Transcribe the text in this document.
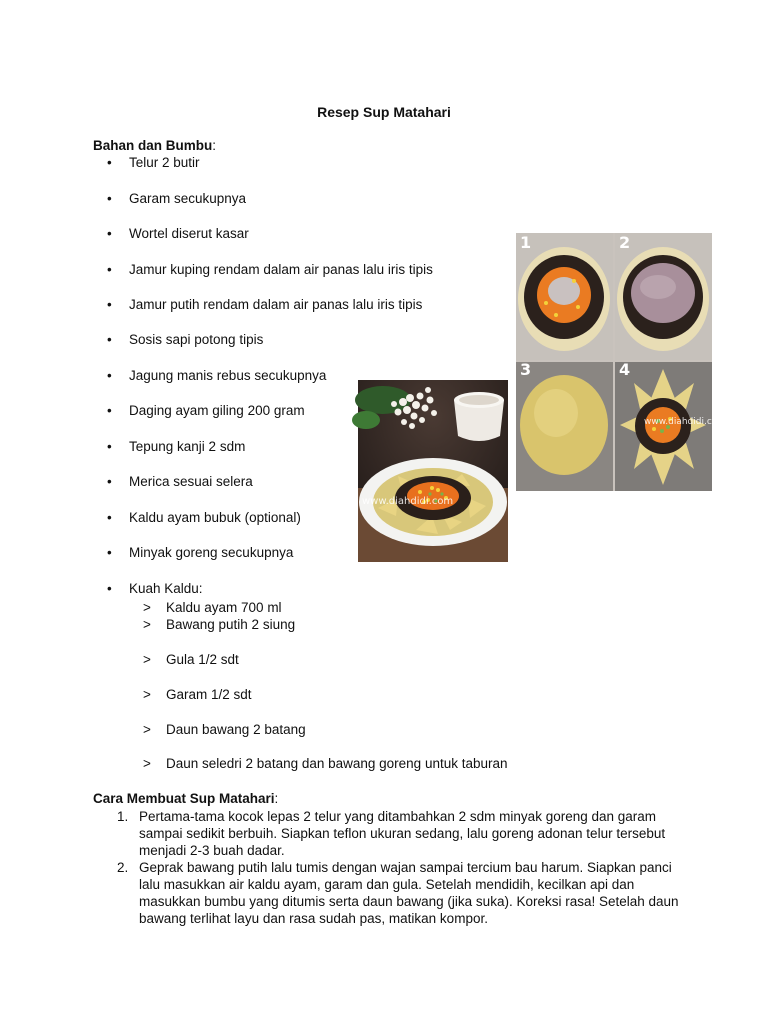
Resep Sup Matahari

Bahan dan Bumbu:

•	Telur 2 butir
•	Garam secukupnya
•	Wortel diserut kasar
•	Jamur kuping rendam dalam air panas lalu iris tipis
•	Jamur putih rendam dalam air panas lalu iris tipis
•	Sosis sapi potong tipis
•	Jagung manis rebus secukupnya
•	Daging ayam giling 200 gram
•	Tepung kanji 2 sdm
•	Merica sesuai selera
•	Kaldu ayam bubuk (optional)
•	Minyak goreng secukupnya
•	Kuah Kaldu:
> Kaldu ayam 700 ml
> Bawang putih 2 siung
> Gula 1/2 sdt
> Garam 1/2 sdt
> Daun bawang 2 batang
> Daun seledri 2 batang dan bawang goreng untuk taburan

Cara Membuat Sup Matahari:

1. Pertama-tama kocok lepas 2 telur yang ditambahkan 2 sdm minyak goreng dan garam sampai sedikit berbuih. Siapkan teflon ukuran sedang, lalu goreng adonan telur tersebut menjadi 2-3 buah dadar.
2. Geprak bawang putih lalu tumis dengan wajan sampai tercium bau harum. Siapkan panci lalu masukkan air kaldu ayam, garam dan gula. Setelah mendidih, kecilkan api dan masukkan bumbu yang ditumis serta daun bawang (jika suka). Koreksi rasa! Setelah daun bawang terlihat layu dan rasa sudah pas, matikan kompor.
www.diahdidi.com
1	2
3	4
www.diahdidi.com
